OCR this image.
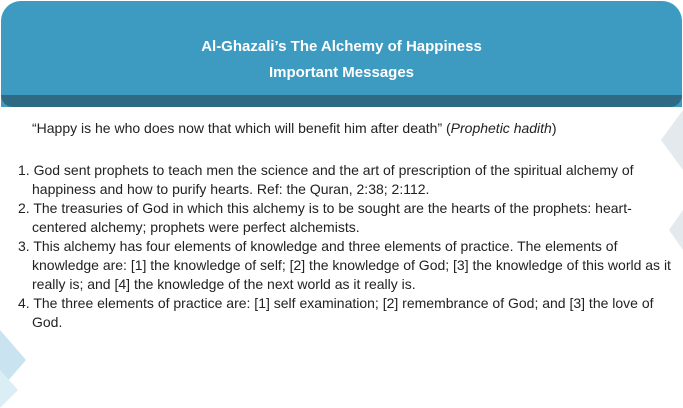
Al-Ghazali’s The Alchemy of Happiness
Important Messages
“Happy is he who does now that which will benefit him after death” (Prophetic hadith)
1. God sent prophets to teach men the science and the art of prescription of the spiritual alchemy of happiness and how to purify hearts. Ref: the Quran, 2:38; 2:112.
2. The treasuries of God in which this alchemy is to be sought are the hearts of the prophets: heart-centered alchemy; prophets were perfect alchemists.
3. This alchemy has four elements of knowledge and three elements of practice. The elements of knowledge are: [1] the knowledge of self; [2] the knowledge of God; [3] the knowledge of this world as it really is; and [4] the knowledge of the next world as it really is.
4. The three elements of practice are: [1] self examination; [2] remembrance of God; and [3] the love of God.
